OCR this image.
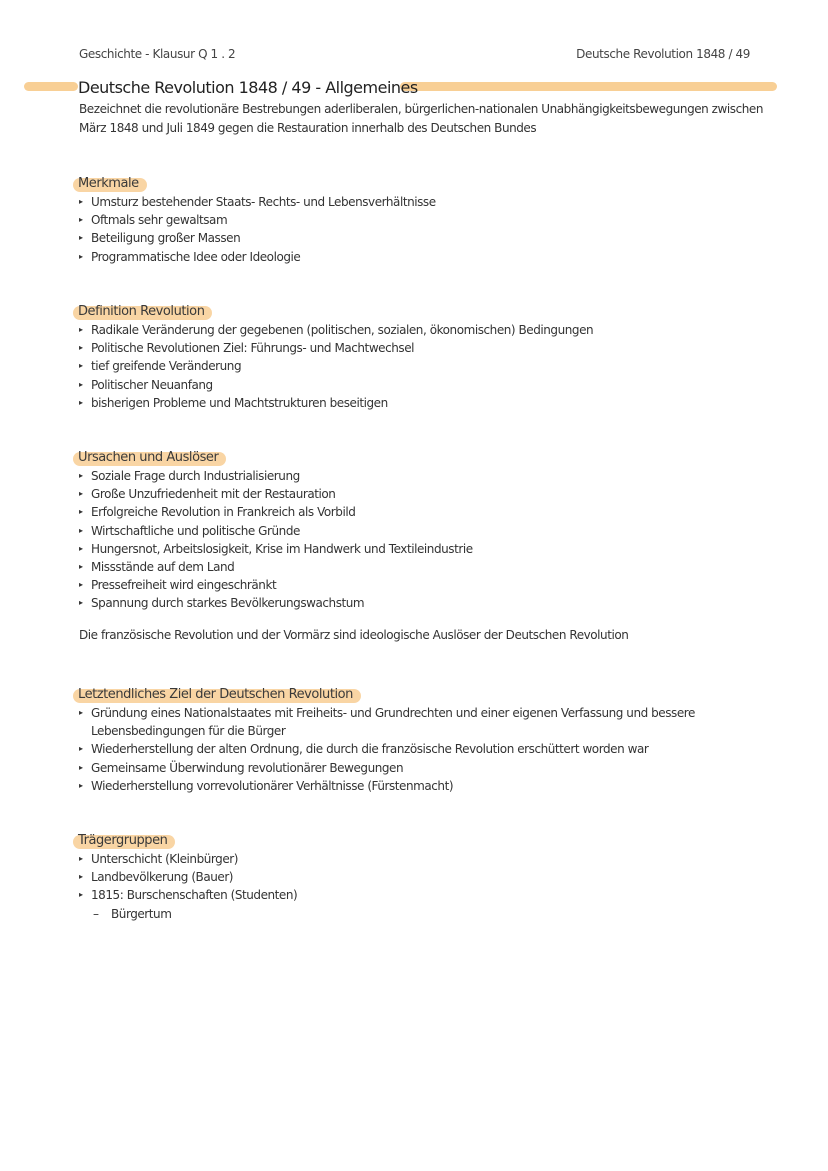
Geschichte - Klausur Q 1 . 2	Deutsche Revolution 1848 / 49
Deutsche Revolution 1848 / 49 - Allgemeines
Bezeichnet die revolutionäre Bestrebungen aderliberalen, bürgerlichen-nationalen Unabhängigkeitsbewegungen zwischen März 1848 und Juli 1849 gegen die Restauration innerhalb des Deutschen Bundes
Merkmale
▸ Umsturz bestehender Staats- Rechts- und Lebensverhältnisse
▸ Oftmals sehr gewaltsam
▸ Beteiligung großer Massen
▸ Programmatische Idee oder Ideologie
Definition Revolution
▸ Radikale Veränderung der gegebenen (politischen, sozialen, ökonomischen) Bedingungen
▸ Politische Revolutionen Ziel: Führungs- und Machtwechsel
▸ tief greifende Veränderung
▸ Politischer Neuanfang
▸ bisherigen Probleme und Machtstrukturen beseitigen
Ursachen und Auslöser
▸ Soziale Frage durch Industrialisierung
▸ Große Unzufriedenheit mit der Restauration
▸ Erfolgreiche Revolution in Frankreich als Vorbild
▸ Wirtschaftliche und politische Gründe
▸ Hungersnot, Arbeitslosigkeit, Krise im Handwerk und Textileindustrie
▸ Missstände auf dem Land
▸ Pressefreiheit wird eingeschränkt
▸ Spannung durch starkes Bevölkerungswachstum
Die französische Revolution und der Vormärz sind ideologische Auslöser der Deutschen Revolution
Letztendliches Ziel der Deutschen Revolution
▸ Gründung eines Nationalstaates mit Freiheits- und Grundrechten und einer eigenen Verfassung und bessere Lebensbedingungen für die Bürger
▸ Wiederherstellung der alten Ordnung, die durch die französische Revolution erschüttert worden war
▸ Gemeinsame Überwindung revolutionärer Bewegungen
▸ Wiederherstellung vorrevolutionärer Verhältnisse (Fürstenmacht)
Trägergruppen
▸ Unterschicht (Kleinbürger)
▸ Landbevölkerung (Bauer)
▸ 1815: Burschenschaften (Studenten)
– Bürgertum
